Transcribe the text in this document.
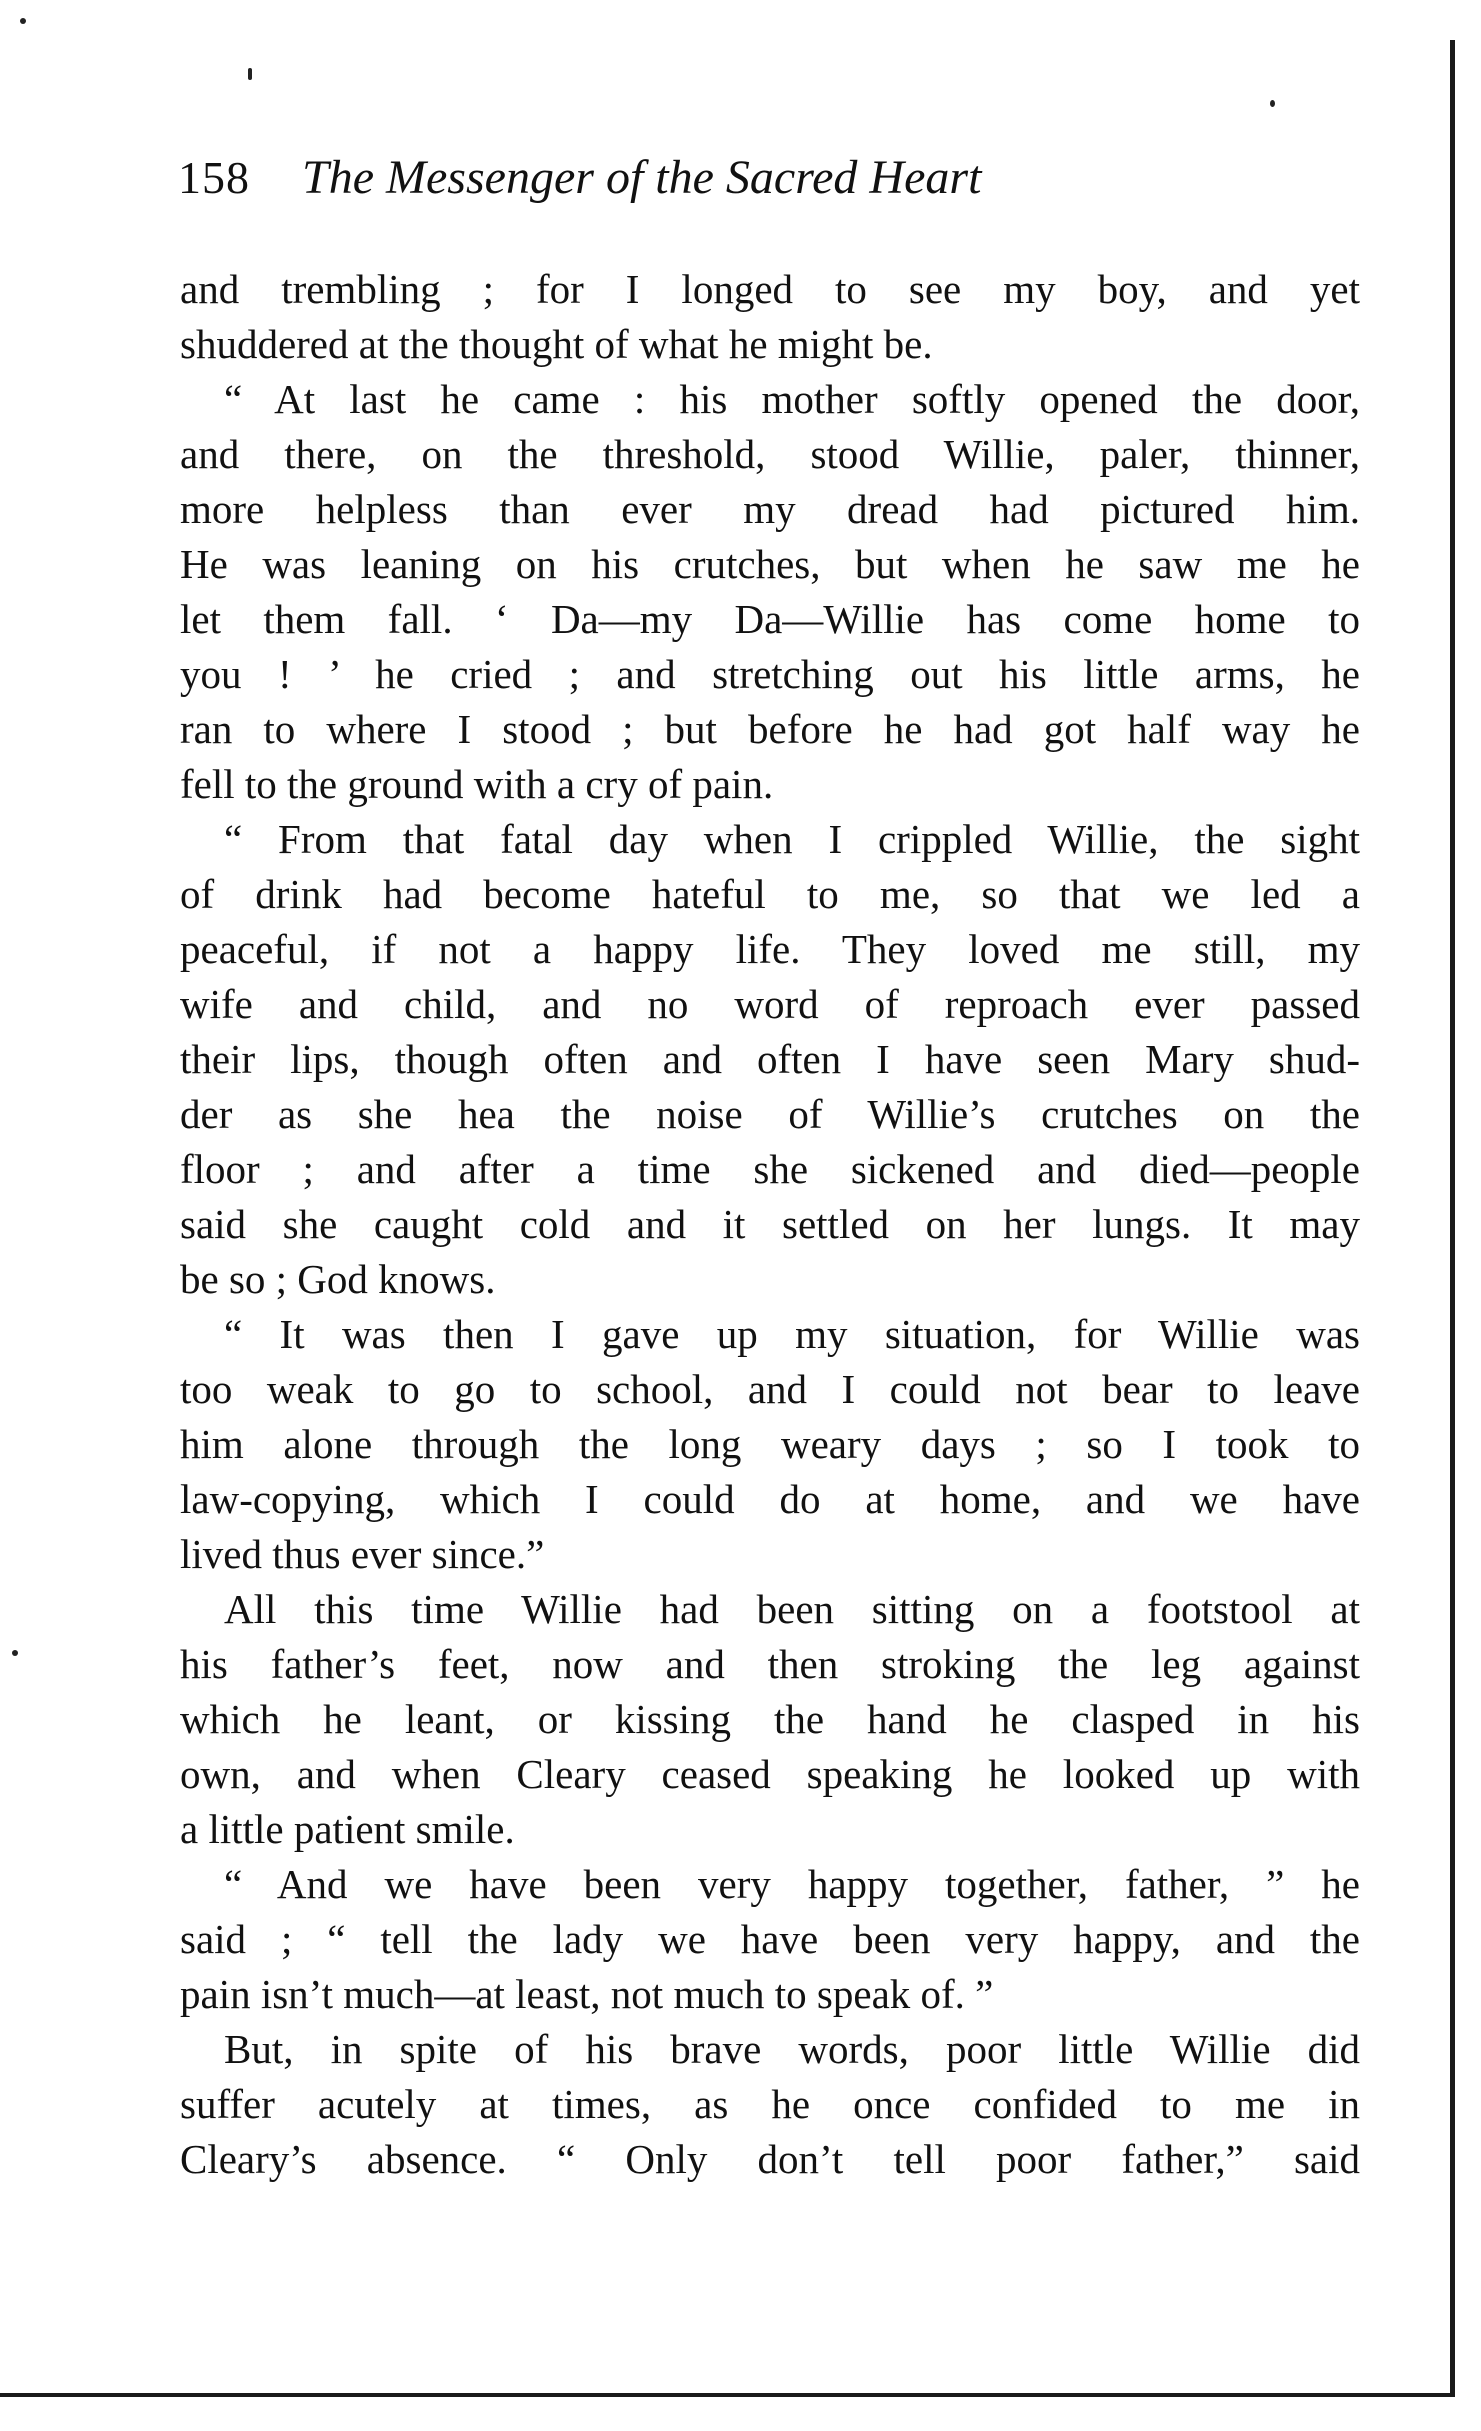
158 The Messenger of the Sacred Heart
and trembling ; for I longed to see my boy, and yet
shuddered at the thought of what he might be.
“ At last he came : his mother softly opened the door,
and there, on the threshold, stood Willie, paler, thinner,
more helpless than ever my dread had pictured him.
He was leaning on his crutches, but when he saw me he
let them fall. ‘ Da—my Da—Willie has come home to
you ! ’ he cried ; and stretching out his little arms, he
ran to where I stood ; but before he had got half way he
fell to the ground with a cry of pain.
“ From that fatal day when I crippled Willie, the sight
of drink had become hateful to me, so that we led a
peaceful, if not a happy life. They loved me still, my
wife and child, and no word of reproach ever passed
their lips, though often and often I have seen Mary shud-
der as she hea the noise of Willie’s crutches on the
floor ; and after a time she sickened and died—people
said she caught cold and it settled on her lungs. It may
be so ; God knows.
“ It was then I gave up my situation, for Willie was
too weak to go to school, and I could not bear to leave
him alone through the long weary days ; so I took to
law-copying, which I could do at home, and we have
lived thus ever since.”
All this time Willie had been sitting on a footstool at
his father’s feet, now and then stroking the leg against
which he leant, or kissing the hand he clasped in his
own, and when Cleary ceased speaking he looked up with
a little patient smile.
“ And we have been very happy together, father, ” he
said ; “ tell the lady we have been very happy, and the
pain isn’t much—at least, not much to speak of. ”
But, in spite of his brave words, poor little Willie did
suffer acutely at times, as he once confided to me in
Cleary’s absence. “ Only don’t tell poor father,” said
